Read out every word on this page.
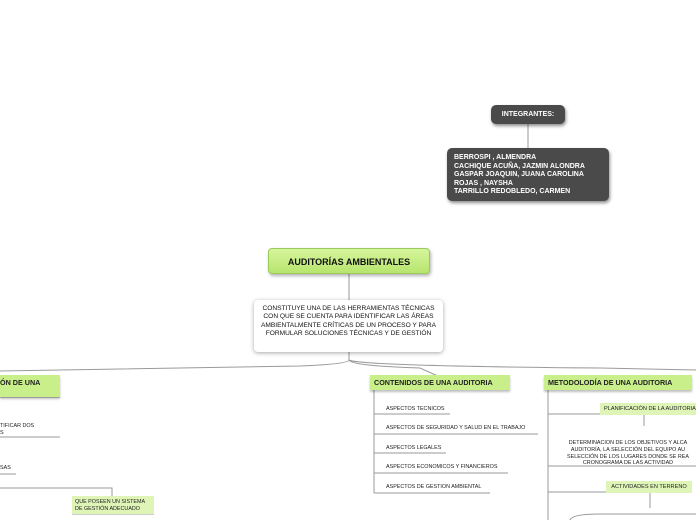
INTEGRANTES:
BERROSPI , ALMENDRA
CACHIQUE ACUÑA, JAZMIN ALONDRA
GASPAR JOAQUIN, JUANA CAROLINA
ROJAS , NAYSHA
TARRILLO REDOBLEDO, CARMEN
AUDITORÍAS AMBIENTALES
CONSTITUYE UNA DE LAS HERRAMIENTAS TÉCNICAS CON QUE SE CUENTA PARA IDENTIFICAR LAS ÁREAS AMBIENTALMENTE CRÍTICAS DE UN PROCESO Y PARA FORMULAR SOLUCIONES TÉCNICAS Y DE GESTIÓN
ÓN DE UNA
TIFICAR DOS
S
SAS
QUE POSEEN UN SISTEMA
DE GESTIÓN ADECUADO
CONTENIDOS DE UNA AUDITORIA
ASPECTOS TECNICOS
ASPECTOS DE SEGURIDAD Y SALUD EN EL TRABAJO
ASPECTOS LEGALES
ASPECTOS ECONOMICOS Y FINANCIEROS
ASPECTOS DE GESTION AMBIENTAL
METODOLODÍA DE UNA AUDITORIA
PLANIFICACIÓN DE LA AUDITORIA
DETERMINACIÓN DE LOS OBJETIVOS Y ALCA
AUDITORÍA, LA SELECCIÓN DEL EQUIPO AU
SELECCIÓN DE LOS LUGARES DONDE SE REA
CRONOGRAMA DE LAS ACTIVIDAD
ACTIVIDADES EN TERRENO
